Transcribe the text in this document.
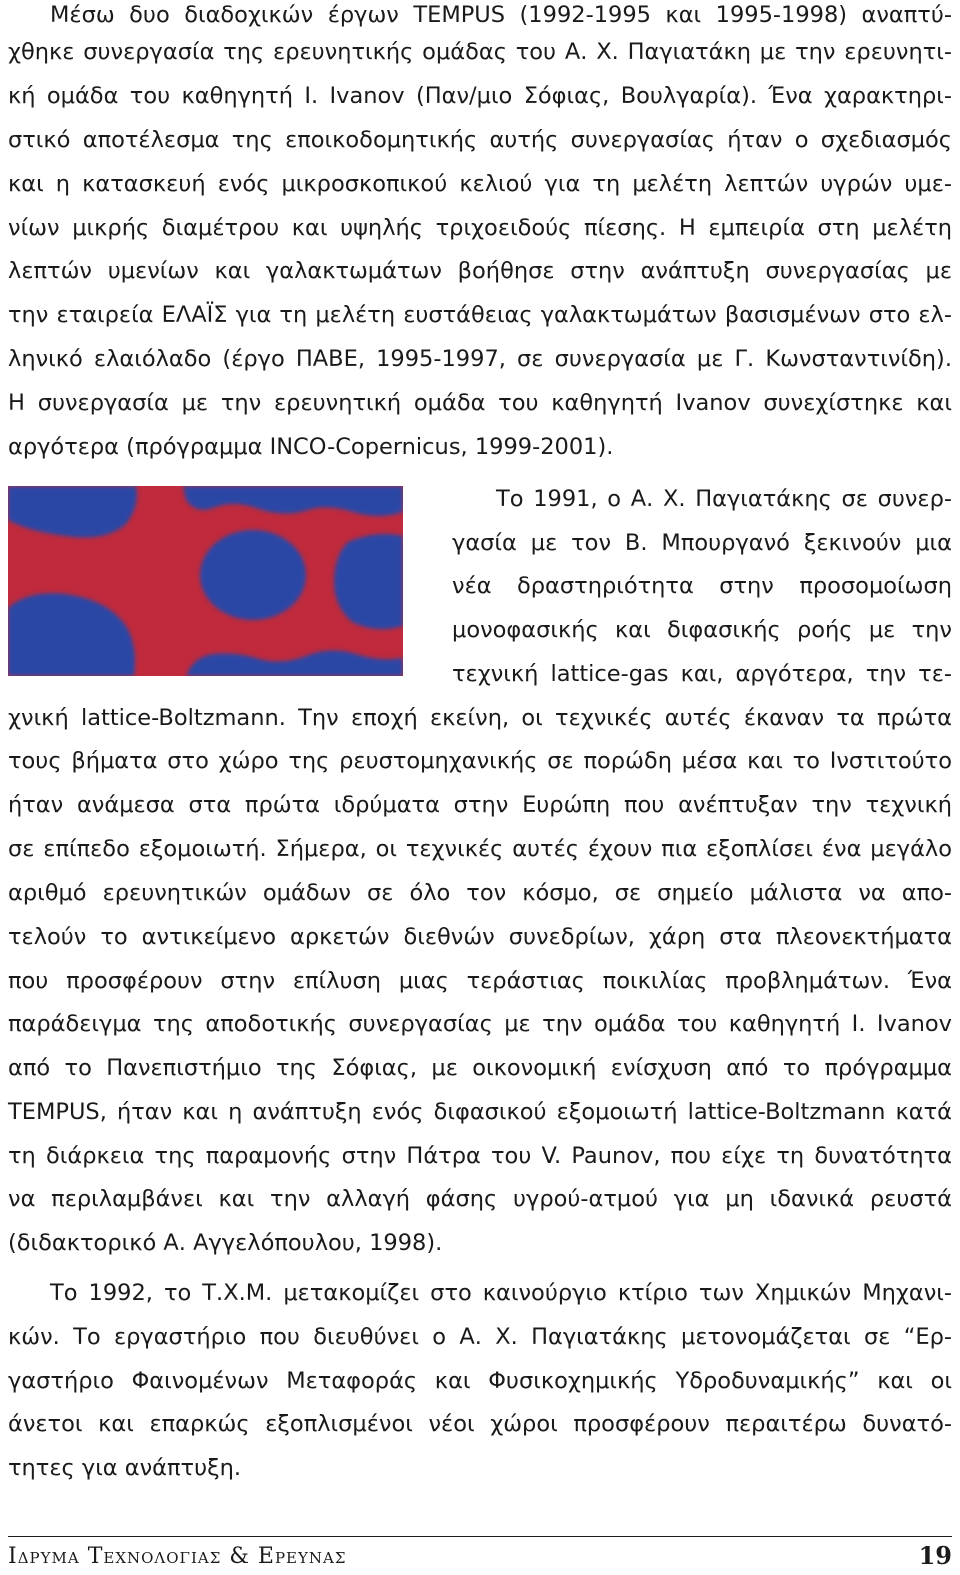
Μέσω δυο διαδοχικών έργων TEMPUS (1992-1995 και 1995-1998) αναπτύ-
χθηκε συνεργασία της ερευνητικής ομάδας του Α. Χ. Παγιατάκη με την ερευνητι-
κή ομάδα του καθηγητή I. Ivanov (Παν/μιο Σόφιας, Βουλγαρία). Ένα χαρακτηρι-
στικό αποτέλεσμα της εποικοδομητικής αυτής συνεργασίας ήταν ο σχεδιασμός
και η κατασκευή ενός μικροσκοπικού κελιού για τη μελέτη λεπτών υγρών υμε-
νίων μικρής διαμέτρου και υψηλής τριχοειδούς πίεσης. Η εμπειρία στη μελέτη
λεπτών υμενίων και γαλακτωμάτων βοήθησε στην ανάπτυξη συνεργασίας με
την εταιρεία ΕΛΑΪΣ για τη μελέτη ευστάθειας γαλακτωμάτων βασισμένων στο ελ-
ληνικό ελαιόλαδο (έργο ΠΑΒΕ, 1995-1997, σε συνεργασία με Γ. Κωνσταντινίδη).
Η συνεργασία με την ερευνητική ομάδα του καθηγητή Ivanov συνεχίστηκε και
αργότερα (πρόγραμμα INCO-Copernicus, 1999-2001).
Το 1991, ο Α. Χ. Παγιατάκης σε συνερ-
γασία με τον Β. Μπουργανό ξεκινούν μια
νέα δραστηριότητα στην προσομοίωση
μονοφασικής και διφασικής ροής με την
τεχνική lattice-gas και, αργότερα, την τε-
χνική lattice-Boltzmann. Την εποχή εκείνη, οι τεχνικές αυτές έκαναν τα πρώτα
τους βήματα στο χώρο της ρευστομηχανικής σε πορώδη μέσα και το Ινστιτούτο
ήταν ανάμεσα στα πρώτα ιδρύματα στην Ευρώπη που ανέπτυξαν την τεχνική
σε επίπεδο εξομοιωτή. Σήμερα, οι τεχνικές αυτές έχουν πια εξοπλίσει ένα μεγάλο
αριθμό ερευνητικών ομάδων σε όλο τον κόσμο, σε σημείο μάλιστα να απο-
τελούν το αντικείμενο αρκετών διεθνών συνεδρίων, χάρη στα πλεονεκτήματα
που προσφέρουν στην επίλυση μιας τεράστιας ποικιλίας προβλημάτων. Ένα
παράδειγμα της αποδοτικής συνεργασίας με την ομάδα του καθηγητή I. Ivanov
από το Πανεπιστήμιο της Σόφιας, με οικονομική ενίσχυση από το πρόγραμμα
TEMPUS, ήταν και η ανάπτυξη ενός διφασικού εξομοιωτή lattice-Boltzmann κατά
τη διάρκεια της παραμονής στην Πάτρα του V. Paunov, που είχε τη δυνατότητα
να περιλαμβάνει και την αλλαγή φάσης υγρού-ατμού για μη ιδανικά ρευστά
(διδακτορικό Α. Αγγελόπουλου, 1998).
Το 1992, το Τ.Χ.Μ. μετακομίζει στο καινούργιο κτίριο των Χημικών Μηχανι-
κών. Το εργαστήριο που διευθύνει ο Α. Χ. Παγιατάκης μετονομάζεται σε “Ερ-
γαστήριο Φαινομένων Μεταφοράς και Φυσικοχημικής Υδροδυναμικής” και οι
άνετοι και επαρκώς εξοπλισμένοι νέοι χώροι προσφέρουν περαιτέρω δυνατό-
τητες για ανάπτυξη.
Ιδρυμα Τεχνολογιας & Ερευνας	19
